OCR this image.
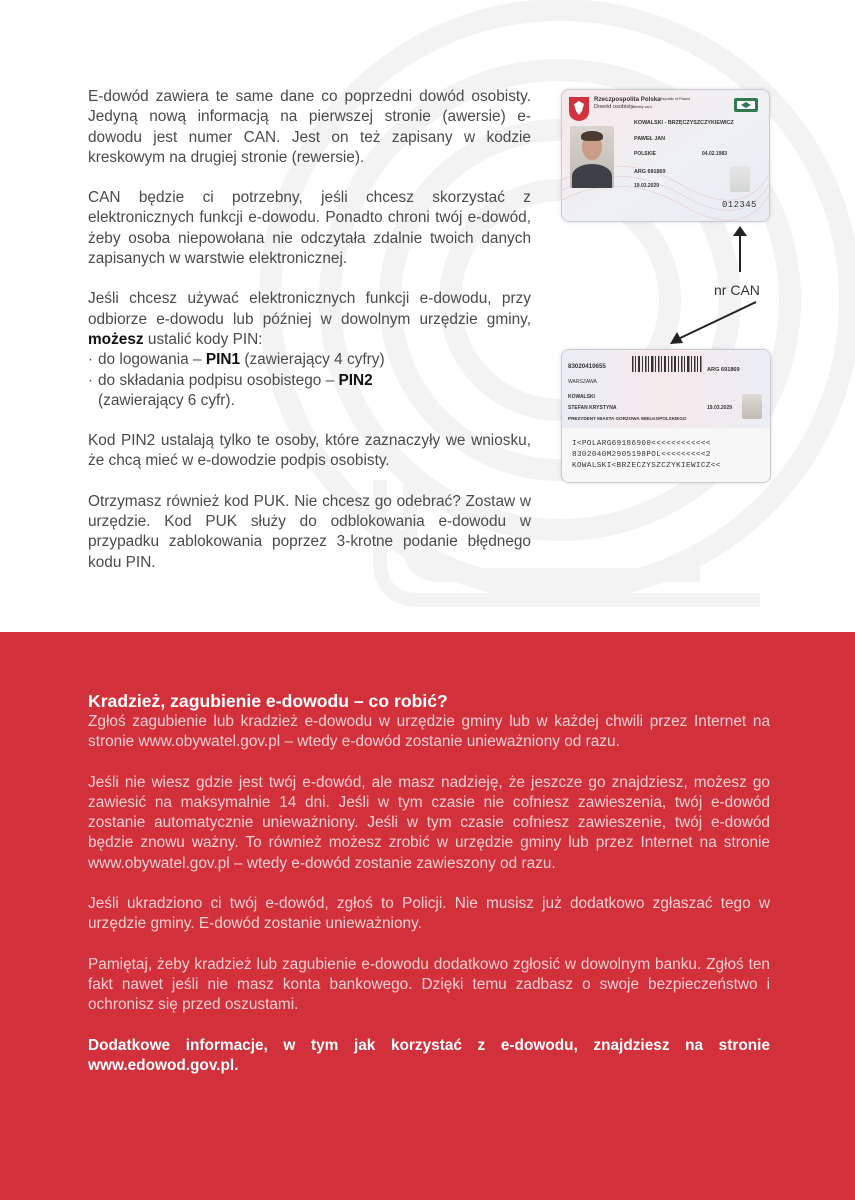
E-dowód zawiera te same dane co poprzedni dowód osobisty. Jedyną nową informacją na pierwszej stronie (awersie) e-dowodu jest numer CAN. Jest on też zapisany w kodzie kreskowym na drugiej stronie (rewersie).

CAN będzie ci potrzebny, jeśli chcesz skorzystać z elektronicznych funkcji e-dowodu. Ponadto chroni twój e-dowód, żeby osoba niepowołana nie odczytała zdalnie twoich danych zapisanych w warstwie elektronicznej.

Jeśli chcesz używać elektronicznych funkcji e-dowodu, przy odbiorze e-dowodu lub później w dowolnym urzędzie gminy, możesz ustalić kody PIN:

· do logowania – PIN1 (zawierający 4 cyfry)
· do składania podpisu osobistego – PIN2
(zawierający 6 cyfr).

Kod PIN2 ustalają tylko te osoby, które zaznaczyły we wniosku, że chcą mieć w e-dowodzie podpis osobisty.

Otrzymasz również kod PUK. Nie chcesz go odebrać? Zostaw w urzędzie. Kod PUK służy do odblokowania e-dowodu w przypadku zablokowania poprzez 3-krotne podanie błędnego kodu PIN.

Rzeczpospolita Polska Republic of Poland
Dowód osobisty
Identity card
KOWALSKI - BRZĘCZYSZCZYKIEWICZ
PAWEŁ JAN
POLSKIE	04.02.1983
ARG 691869
19.03.2029
012345
nr CAN
83020410655	ARG 691869
WARSZAWA
KOWALSKI
STEFAN KRYSTYNA	19.03.2029
PREZYDENT MIASTA GORZOWA WIELKOPOLSKIEGO
I<POLARG69186900<<<<<<<<<<<<
8302040M2905198POL<<<<<<<<<2
KOWALSKI<BRZECZYSZCZYKIEWICZ<<
Kradzież, zagubienie e-dowodu – co robić?

Zgłoś zagubienie lub kradzież e-dowodu w urzędzie gminy lub w każdej chwili przez Internet na stronie www.obywatel.gov.pl – wtedy e-dowód zostanie unieważniony od razu.

Jeśli nie wiesz gdzie jest twój e-dowód, ale masz nadzieję, że jeszcze go znajdziesz, możesz go zawiesić na maksymalnie 14 dni. Jeśli w tym czasie nie cofniesz zawieszenia, twój e-dowód zostanie automatycznie unieważniony. Jeśli w tym czasie cofniesz zawieszenie, twój e-dowód będzie znowu ważny. To również możesz zrobić w urzędzie gminy lub przez Internet na stronie www.obywatel.gov.pl – wtedy e-dowód zostanie zawieszony od razu.

Jeśli ukradziono ci twój e-dowód, zgłoś to Policji. Nie musisz już dodatkowo zgłaszać tego w urzędzie gminy. E-dowód zostanie unieważniony.

Pamiętaj, żeby kradzież lub zagubienie e-dowodu dodatkowo zgłosić w dowolnym banku. Zgłoś ten fakt nawet jeśli nie masz konta bankowego. Dzięki temu zadbasz o swoje bezpieczeństwo i ochronisz się przed oszustami.

Dodatkowe informacje, w tym jak korzystać z e-dowodu, znajdziesz na stronie www.edowod.gov.pl.
